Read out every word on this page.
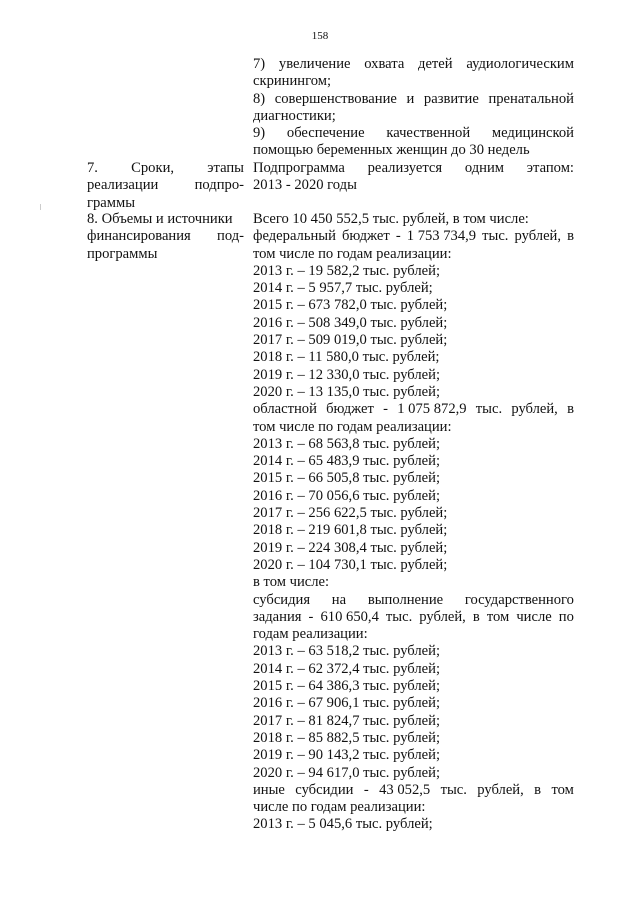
158
7) увеличение охвата детей аудиологическим
скринингом;
8) совершенствование и развитие пренатальной
диагностики;
9) обеспечение качественной медицинской
помощью беременных женщин до 30 недель
7. Сроки, этапы
реализации подпро-
граммы
Подпрограмма реализуется одним этапом:
2013 - 2020 годы
8. Объемы и источники
финансирования под-
программы
Всего 10 450 552,5 тыс. рублей, в том числе:
федеральный бюджет - 1 753 734,9 тыс. рублей, в
том числе по годам реализации:
2013 г. – 19 582,2 тыс. рублей;
2014 г. – 5 957,7 тыс. рублей;
2015 г. – 673 782,0 тыс. рублей;
2016 г. – 508 349,0 тыс. рублей;
2017 г. – 509 019,0 тыс. рублей;
2018 г. – 11 580,0 тыс. рублей;
2019 г. – 12 330,0 тыс. рублей;
2020 г. – 13 135,0 тыс. рублей;
областной бюджет - 1 075 872,9 тыс. рублей, в
том числе по годам реализации:
2013 г. – 68 563,8 тыс. рублей;
2014 г. – 65 483,9 тыс. рублей;
2015 г. – 66 505,8 тыс. рублей;
2016 г. – 70 056,6 тыс. рублей;
2017 г. – 256 622,5 тыс. рублей;
2018 г. – 219 601,8 тыс. рублей;
2019 г. – 224 308,4 тыс. рублей;
2020 г. – 104 730,1 тыс. рублей;
в том числе:
субсидия на выполнение государственного
задания - 610 650,4 тыс. рублей, в том числе по
годам реализации:
2013 г. – 63 518,2 тыс. рублей;
2014 г. – 62 372,4 тыс. рублей;
2015 г. – 64 386,3 тыс. рублей;
2016 г. – 67 906,1 тыс. рублей;
2017 г. – 81 824,7 тыс. рублей;
2018 г. – 85 882,5 тыс. рублей;
2019 г. – 90 143,2 тыс. рублей;
2020 г. – 94 617,0 тыс. рублей;
иные субсидии - 43 052,5 тыс. рублей, в том
числе по годам реализации:
2013 г. – 5 045,6 тыс. рублей;
